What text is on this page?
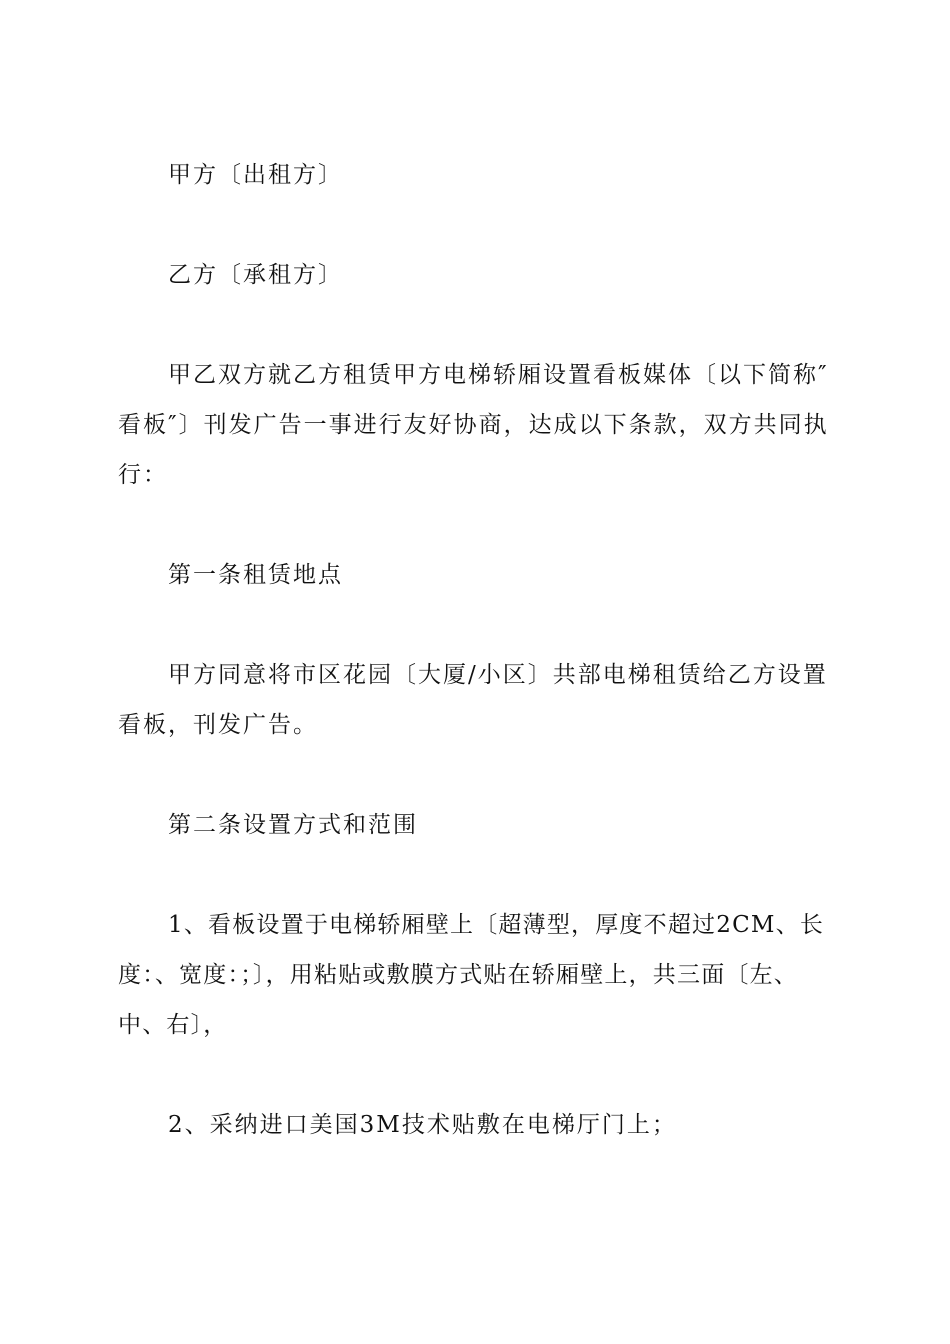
甲方〔出租方〕

乙方〔承租方〕

甲乙双方就乙方租赁甲方电梯轿厢设置看板媒体〔以下简称″看板″〕刊发广告一事进行友好协商，达成以下条款，双方共同执行：

第一条租赁地点

甲方同意将市区花园〔大厦/小区〕共部电梯租赁给乙方设置看板，刊发广告。

第二条设置方式和范围

1、看板设置于电梯轿厢壁上〔超薄型，厚度不超过2CM、长度：、宽度：；〕，用粘贴或敷膜方式贴在轿厢壁上，共三面〔左、中、右〕，

2、采纳进口美国3M技术贴敷在电梯厅门上；
